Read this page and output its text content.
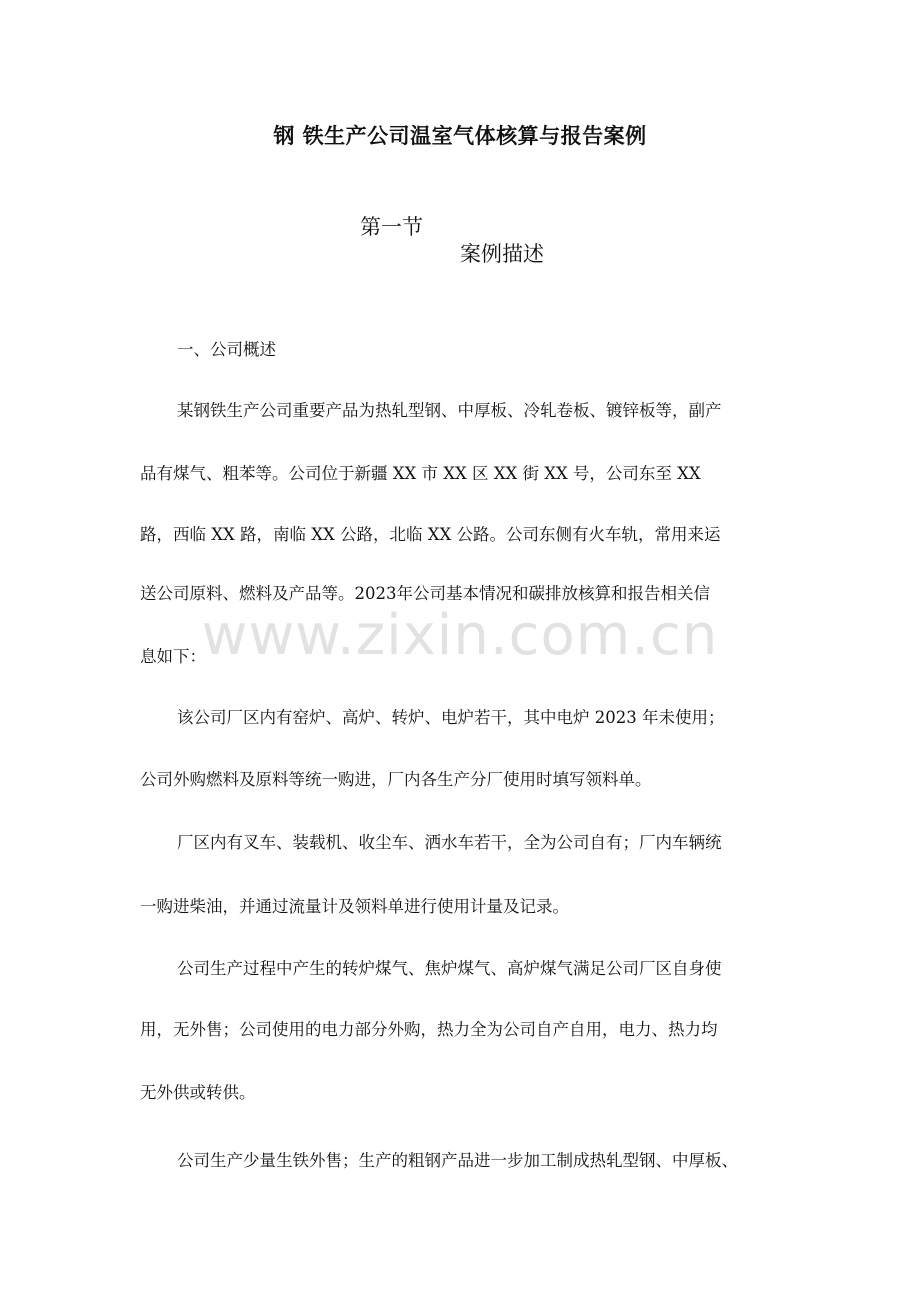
钢 铁生产公司温室气体核算与报告案例
第一节
案例描述
一、公司概述
某钢铁生产公司重要产品为热轧型钢、中厚板、冷轧卷板、镀锌板等，副产
品有煤气、粗苯等。公司位于新疆 XX 市 XX 区 XX 街 XX 号，公司东至 XX
路，西临 XX 路，南临 XX 公路，北临 XX 公路。公司东侧有火车轨，常用来运
送公司原料、燃料及产品等。2023年公司基本情况和碳排放核算和报告相关信
息如下：
该公司厂区内有窑炉、高炉、转炉、电炉若干，其中电炉 2023 年未使用；
公司外购燃料及原料等统一购进，厂内各生产分厂使用时填写领料单。
厂区内有叉车、装载机、收尘车、洒水车若干，全为公司自有；厂内车辆统
一购进柴油，并通过流量计及领料单进行使用计量及记录。
公司生产过程中产生的转炉煤气、焦炉煤气、高炉煤气满足公司厂区自身使
用，无外售；公司使用的电力部分外购，热力全为公司自产自用，电力、热力均
无外供或转供。
公司生产少量生铁外售；生产的粗钢产品进一步加工制成热轧型钢、中厚板、
www.zixin.com.cn
